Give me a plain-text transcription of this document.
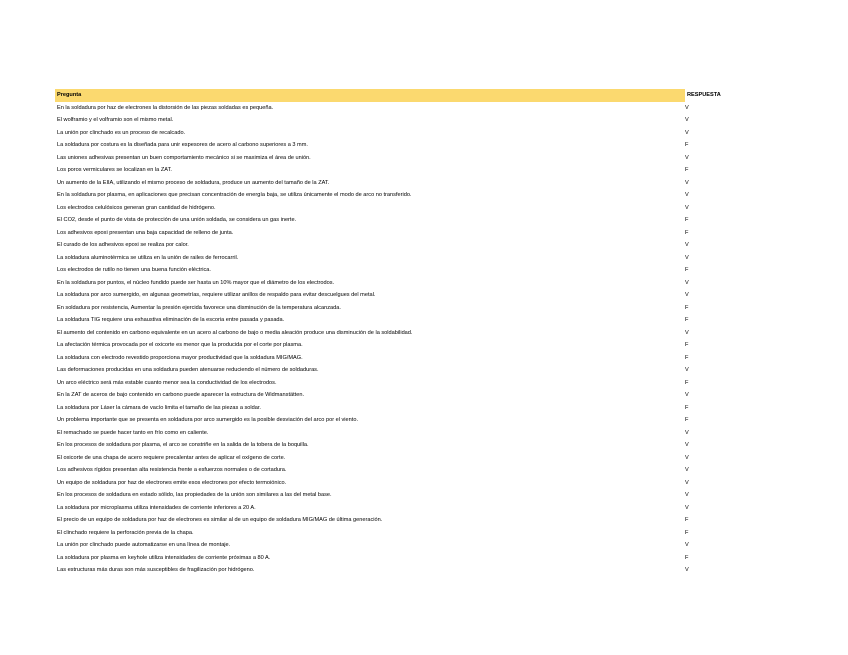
Pregunta	RESPUESTA
En la soldadura por haz de electrones la distorsión de las piezas soldadas es pequeña.	V
El wolframio y el volframio son el mismo metal.	V
La unión por clinchado es un proceso de recalcado.	V
La soldadura por costura es la diseñada para unir espesores de acero al carbono superiores a 3 mm.	F
Las uniones adhesivas presentan un buen comportamiento mecánico si se maximiza el área de unión.	V
Los poros vermiculares se localizan en la ZAT.	F
Un aumento de la EIIA, utilizando el mismo proceso de soldadura, produce un aumento del tamaño de la ZAT.	V
En la soldadura por plasma, en aplicaciones que precisan concentración de energía baja, se utiliza únicamente el modo de arco no transferido.	V
Los electrodos celulósicos generan gran cantidad de hidrógeno.	V
El CO2, desde el punto de vista de protección de una unión soldada, se considera un gas inerte.	F
Los adhesivos epoxi presentan una baja capacidad de relleno de junta.	F
El curado de los adhesivos epoxi se realiza por calor.	V
La soldadura aluminotérmica se utiliza en la unión de railes de ferrocarril.	V
Los electrodos de rutilo no tienen una buena función eléctrica.	F
En la soldadura por puntos, el núcleo fundido puede ser hasta un 10% mayor que el diámetro de los electrodos.	V
La soldadura por arco sumergido, en algunas geometrías, requiere utilizar anillos de respaldo para evitar descuelgues del metal.	V
En soldadura por resistencia, Aumentar la presión ejercida favorece una disminución de la temperatura alcanzada.	F
La soldadura TIG requiere una exhaustiva eliminación de la escoria entre pasada y pasada.	F
El aumento del contenido en carbono equivalente en un acero al carbono de bajo o media aleación produce una disminución de la soldabilidad.	V
La afectación térmica provocada por el oxicorte es menor que la producida por el corte por plasma.	F
La soldadura con electrodo revestido proporciona mayor productividad que la soldadura MIG/MAG.	F
Las deformaciones producidas en una soldadura pueden atenuarse reduciendo el número de soldaduras.	V
Un arco eléctrico será más estable cuanto menor sea la conductividad de los electrodos.	F
En la ZAT de aceros de bajo contenido en carbono puede aparecer la estructura de Widmanstätten.	V
La soldadura por Láser la cámara de vacío limita el tamaño de las piezas a soldar.	F
Un problema importante que se presenta en soldadura por arco sumergido es la posible desviación del arco por el viento.	F
El remachado se puede hacer tanto en frío como en caliente.	V
En los procesos de soldadura por plasma, el arco se constriñe en la salida de la tobera de la boquilla.	V
El oxicorte de una chapa de acero requiere precalentar antes de aplicar el oxígeno de corte.	V
Los adhesivos rígidos presentan alta resistencia frente a esfuerzos normales o de cortadura.	V
Un equipo de soldadura por haz de electrones emite esos electrones por efecto termoiónico.	V
En los procesos de soldadura en estado sólido, las propiedades de la unión son similares a las del metal base.	V
La soldadura por microplasma utiliza intensidades de corriente inferiores a 20 A.	V
El precio de un equipo de soldadura por haz de electrones es similar al de un equipo de soldadura MIG/MAG de última generación.	F
El clinchado requiere la perforación previa de la chapa.	F
La unión por clinchado puede automatizarse en una línea de montaje.	V
La soldadura por plasma en keyhole utiliza intensidades de corriente próximas a 80 A.	F
Las estructuras más duras son más susceptibles de fragilización por hidrógeno.	V
